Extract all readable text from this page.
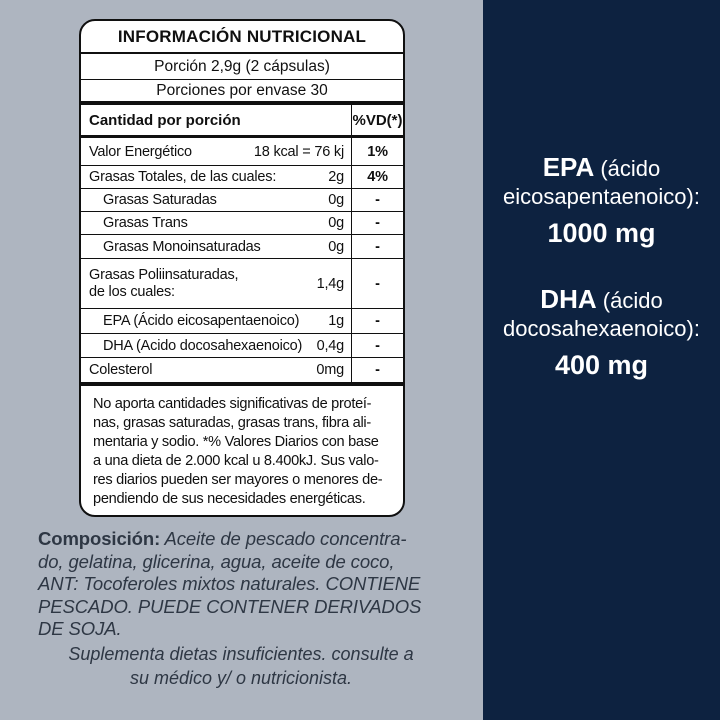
INFORMACIÓN NUTRICIONAL
Porción 2,9g (2 cápsulas)
Porciones por envase 30
Cantidad por porción	%VD(*)
Valor Energético	18 kcal = 76 kj	1%
Grasas Totales, de las cuales:	2g	4%
Grasas Saturadas	0g	-
Grasas Trans	0g	-
Grasas Monoinsaturadas	0g	-
Grasas Poliinsaturadas,
de los cuales:	1,4g	-
EPA (Ácido eicosapentaenoico)	1g	-
DHA (Acido docosahexaenoico) 0,4g	-
Colesterol	0mg	-
No aporta cantidades significativas de proteí-
nas, grasas saturadas, grasas trans, fibra ali-
mentaria y sodio. *% Valores Diarios con base
a una dieta de 2.000 kcal u 8.400kJ. Sus valo-
res diarios pueden ser mayores o menores de-
pendiendo de sus necesidades energéticas.
EPA (ácido
eicosapentaenoico):
1000 mg
DHA (ácido
docosahexaenoico):
400 mg
Composición: Aceite de pescado concentra-
do, gelatina, glicerina, agua, aceite de coco,
ANT: Tocoferoles mixtos naturales. CONTIENE
PESCADO. PUEDE CONTENER DERIVADOS
DE SOJA.
Suplementa dietas insuficientes. consulte a
su médico y/ o nutricionista.
